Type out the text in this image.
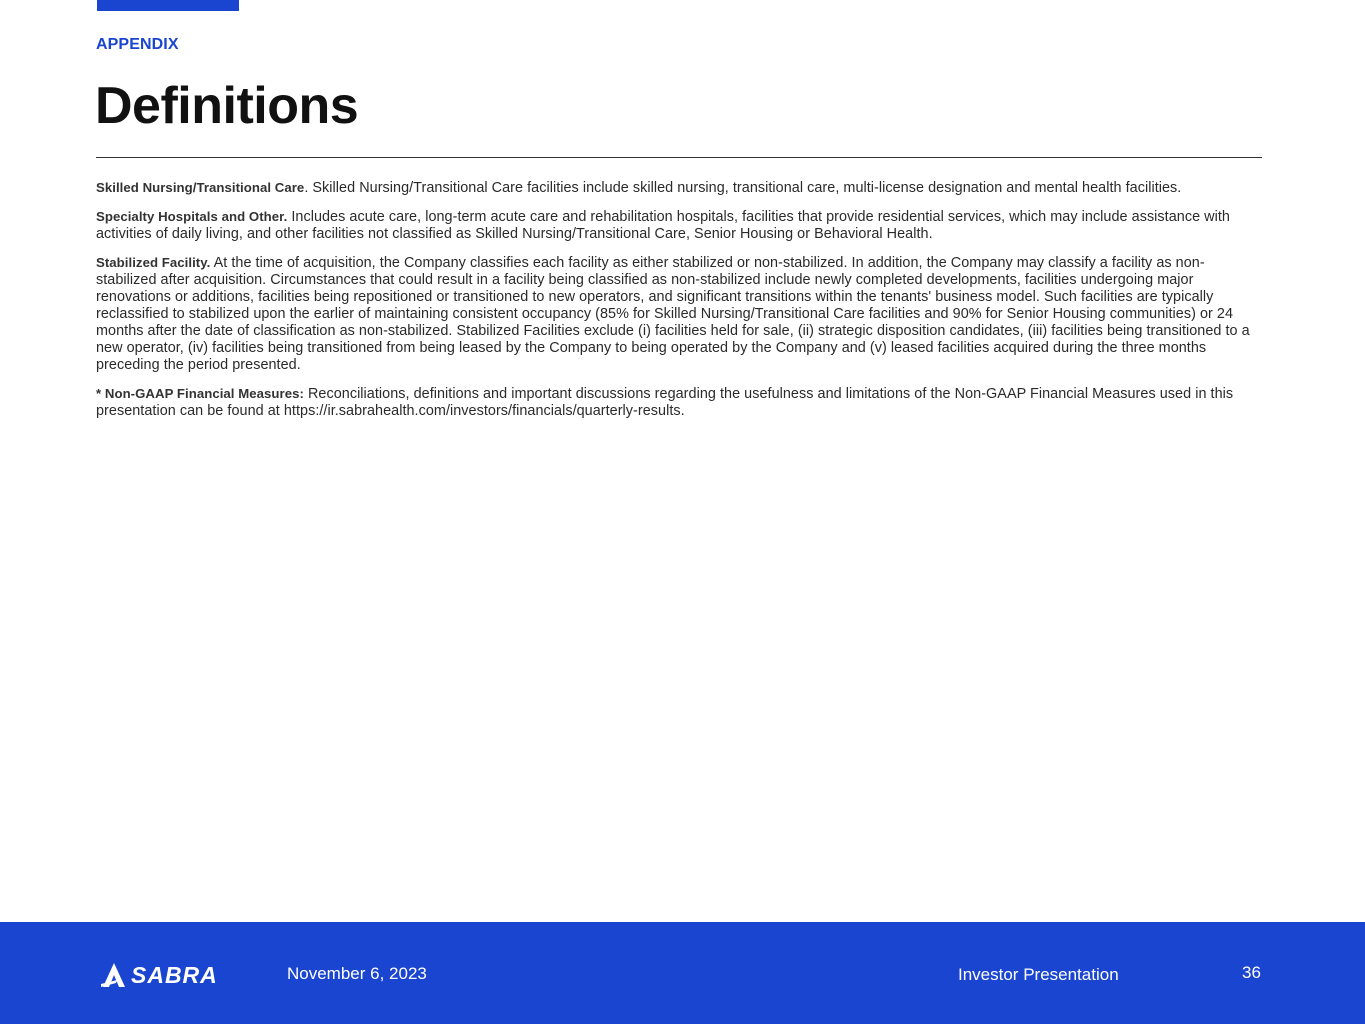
APPENDIX
Definitions

Skilled Nursing/Transitional Care. Skilled Nursing/Transitional Care facilities include skilled nursing, transitional care, multi-license designation and mental health facilities.

Specialty Hospitals and Other. Includes acute care, long-term acute care and rehabilitation hospitals, facilities that provide residential services, which may include assistance with activities of daily living, and other facilities not classified as Skilled Nursing/Transitional Care, Senior Housing or Behavioral Health.

Stabilized Facility. At the time of acquisition, the Company classifies each facility as either stabilized or non-stabilized. In addition, the Company may classify a facility as non-stabilized after acquisition. Circumstances that could result in a facility being classified as non-stabilized include newly completed developments, facilities undergoing major renovations or additions, facilities being repositioned or transitioned to new operators, and significant transitions within the tenants' business model. Such facilities are typically reclassified to stabilized upon the earlier of maintaining consistent occupancy (85% for Skilled Nursing/Transitional Care facilities and 90% for Senior Housing communities) or 24 months after the date of classification as non-stabilized. Stabilized Facilities exclude (i) facilities held for sale, (ii) strategic disposition candidates, (iii) facilities being transitioned to a new operator, (iv) facilities being transitioned from being leased by the Company to being operated by the Company and (v) leased facilities acquired during the three months preceding the period presented.

* Non-GAAP Financial Measures: Reconciliations, definitions and important discussions regarding the usefulness and limitations of the Non-GAAP Financial Measures used in this presentation can be found at https://ir.sabrahealth.com/investors/financials/quarterly-results.

SABRA	November 6, 2023	Investor Presentation	36
